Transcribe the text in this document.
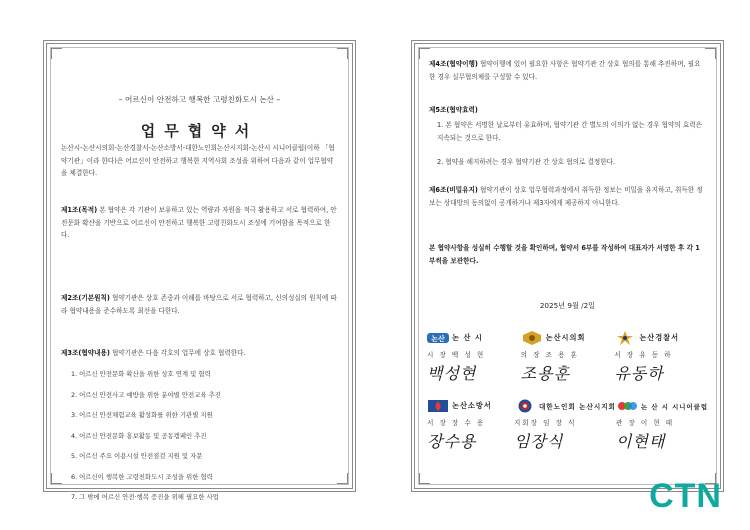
– 어르신이 안전하고 행복한 고령친화도시 논산 –
업무협약서
논산시-논산시의회-논산경찰서-논산소방서-대한노인회논산시지회-논산시 시니어클럽(이하 「협약기관」이라 한다)은 어르신이 안전하고 행복한 지역사회 조성을 위하여 다음과 같이 업무협약을 체결한다.
제1조(목적) 본 협약은 각 기관이 보유하고 있는 역량과 자원을 적극 활용하고 서로 협력하여, 안전문화 확산을 기반으로 어르신이 안전하고 행복한 고령친화도시 조성에 기여함을 목적으로 한다.
제2조(기본원칙) 협약기관은 상호 존중과 이해를 바탕으로 서로 협력하고, 신의성실의 원칙에 따라 협약내용을 준수하도록 최선을 다한다.
제3조(협약내용) 협약기관은 다음 각호의 업무에 상호 협력한다.
1. 어르신 안전문화 확산을 위한 상호 연계 및 협력
2. 어르신 안전사고 예방을 위한 분야별 안전교육 추진
3. 어르신 안전체험교육 활성화를 위한 기관별 지원
4. 어르신 안전문화 홍보활동 및 공동캠페인 추진
5. 어르신 주요 이용시설 안전점검 지원 및 자문
6. 어르신이 행복한 고령친화도시 조성을 위한 협력
7. 그 밖에 어르신 안전·행복 증진을 위해 필요한 사업
제4조(협약이행) 협약이행에 있어 필요한 사항은 협약기관 간 상호 협의를 통해 추진하며, 필요한 경우 실무협의체를 구성할 수 있다.
제5조(협약효력)
1. 본 협약은 서명한 날로부터 유효하며, 협약기관 간 별도의 이의가 없는 경우 협약의 효력은 지속되는 것으로 한다.
2. 협약을 해지하려는 경우 협약기관 간 상호 협의로 결정한다.
제6조(비밀유지) 협약기관이 상호 업무협력과정에서 취득한 정보는 비밀을 유지하고, 취득한 정보는 상대방의 동의없이 공개하거나 제3자에게 제공하지 아니한다.
본 협약사항을 성실히 수행할 것을 확인하며, 협약서 6부를 작성하여 대표자가 서명한 후 각 1부씩을 보관한다.
2025년 9월 /2일
논산 논 산 시
시 장 백 성 현
백성현
논산시의회
의 장 조 용 훈
조용훈
논산경찰서
서 장 유 동 하
유동하
논산소방서
서 장 장 수 용
장수용
대한노인회 논산시지회
지회장 임 장 식
임장식
논 산 시 시니어클럽
관 장 이 현 태
이현태
CTN
